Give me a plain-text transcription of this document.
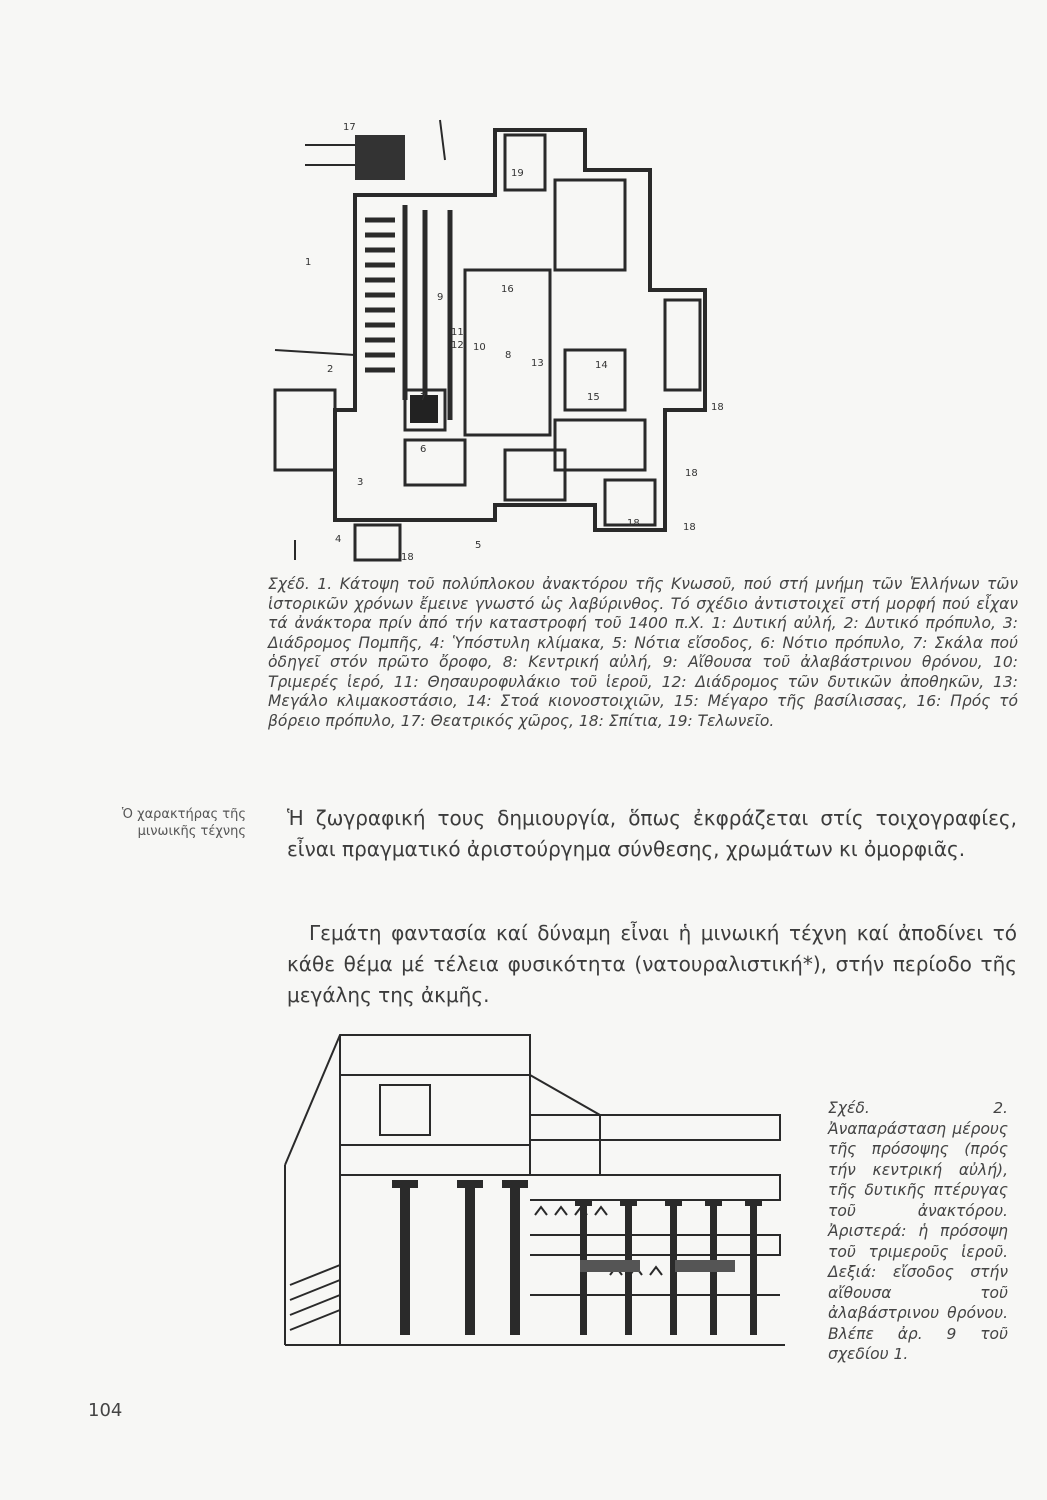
1
2
3
4
5
6
7
8
9
10
11
12
13	14
15
16
17
18
18
18	18
18
19
Σχέδ. 1. Κάτοψη τοῦ πολύπλοκου ἀνακτόρου τῆς Κνωσοῦ, πού στή μνήμη τῶν Ἑλλήνων τῶν ἱστορικῶν χρόνων ἔμεινε γνωστό ὡς λαβύρινθος. Τό σχέδιο ἀντιστοιχεῖ στή μορφή πού εἶχαν τά ἀνάκτορα πρίν ἀπό τήν καταστροφή τοῦ 1400 π.Χ. 1: Δυτική αὐλή, 2: Δυτικό πρόπυλο, 3: Διάδρομος Πομπῆς, 4: Ὑπόστυλη κλίμακα, 5: Νότια εἴσοδος, 6: Νότιο πρόπυλο, 7: Σκάλα πού ὁδηγεῖ στόν πρῶτο ὄροφο, 8: Κεντρική αὐλή, 9: Αἴθουσα τοῦ ἀλαβάστρινου θρόνου, 10: Τριμερές ἱερό, 11: Θησαυροφυλάκιο τοῦ ἱεροῦ, 12: Διάδρομος τῶν δυτικῶν ἀποθηκῶν, 13: Μεγάλο κλιμακοστάσιο, 14: Στοά κιονοστοιχιῶν, 15: Μέγαρο τῆς βασίλισσας, 16: Πρός τό βόρειο πρόπυλο, 17: Θεατρικός χῶρος, 18: Σπίτια, 19: Τελωνεῖο.
Ὁ χαρακτήρας τῆς μινωικῆς τέχνης
Ἡ ζωγραφική τους δημιουργία, ὅπως ἐκφράζεται στίς τοιχογραφίες, εἶναι πραγματικό ἀριστούργημα σύνθεσης, χρωμάτων κι ὀμορφιᾶς.
Γεμάτη φαντασία καί δύναμη εἶναι ἡ μινωική τέχνη καί ἀποδίνει τό κάθε θέμα μέ τέλεια φυσικότητα (νατουραλιστική*), στήν περίοδο τῆς μεγάλης της ἀκμῆς.
Σχέδ. 2. Ἀναπαράσταση μέρους τῆς πρόσοψης (πρός τήν κεντρική αὐλή), τῆς δυτικῆς πτέρυγας τοῦ ἀνακτόρου. Ἀριστερά: ἡ πρόσοψη τοῦ τριμεροῦς ἱεροῦ. Δεξιά: εἴσοδος στήν αἴθουσα τοῦ ἀλαβάστρινου θρόνου. Βλέπε ἀρ. 9 τοῦ σχεδίου 1.
104
